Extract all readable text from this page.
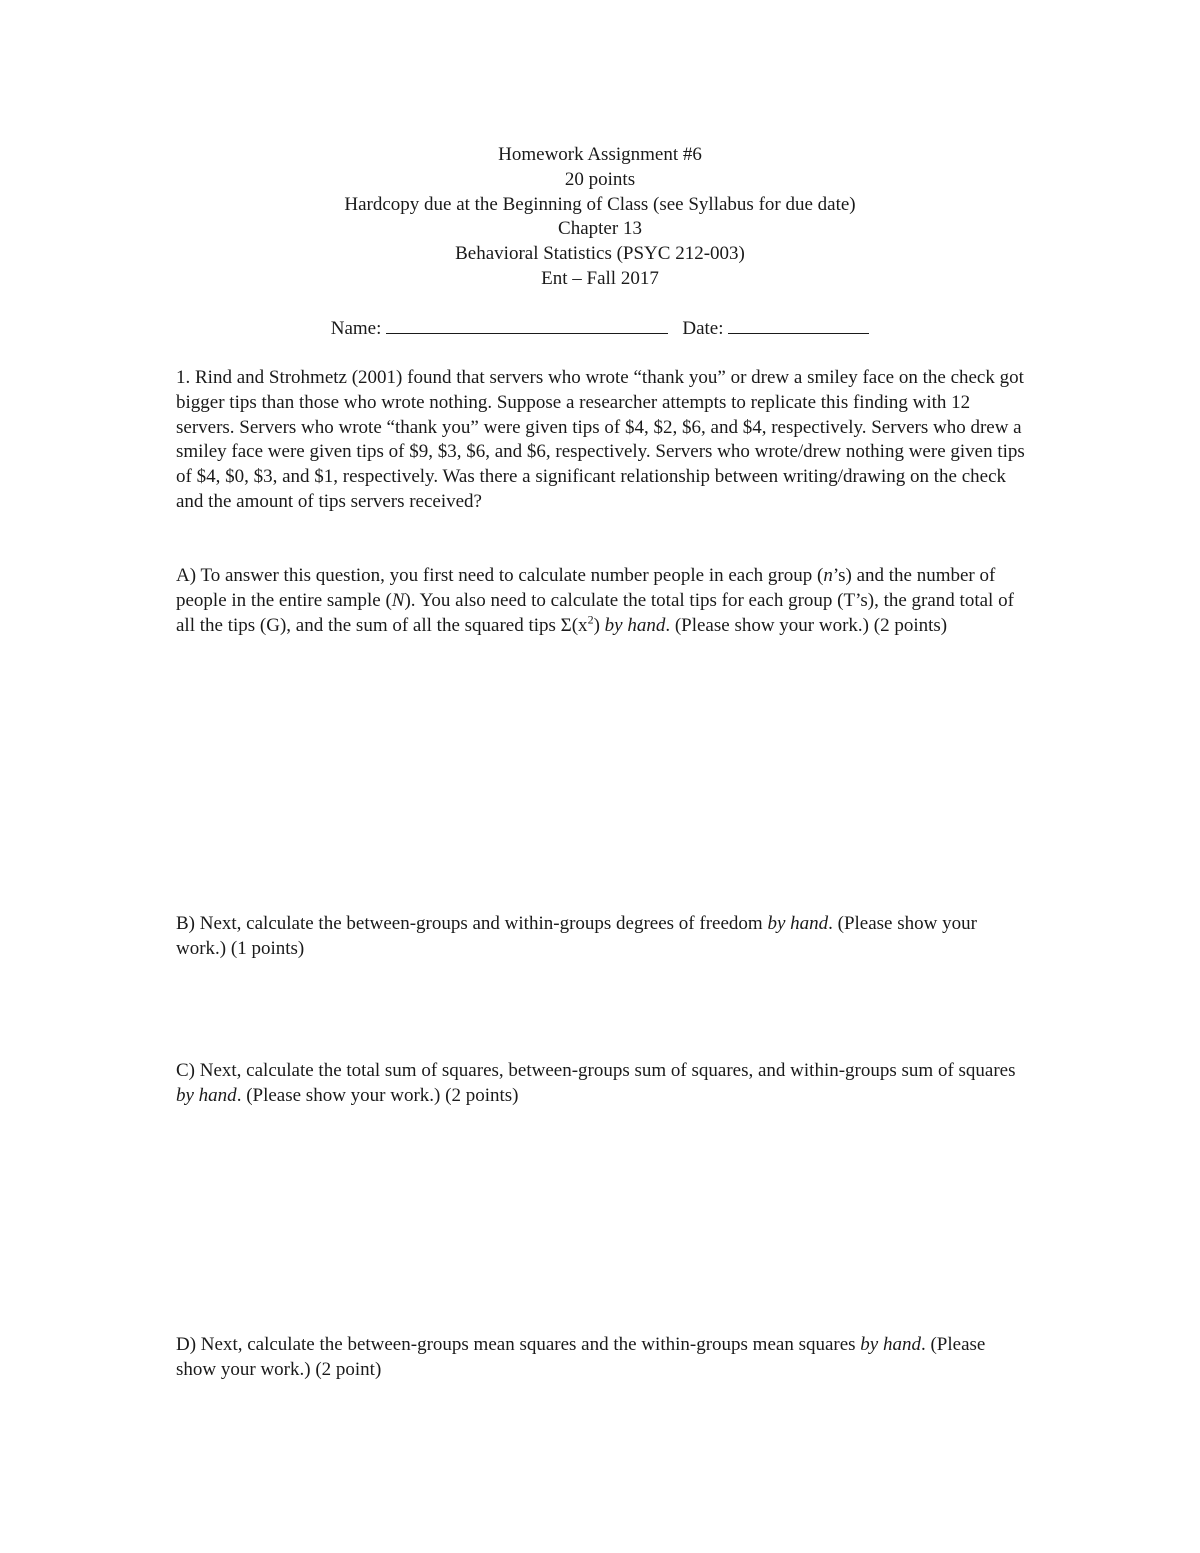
Homework Assignment #6
20 points
Hardcopy due at the Beginning of Class (see Syllabus for due date)
Chapter 13
Behavioral Statistics (PSYC 212-003)
Ent – Fall 2017
Name:	Date:
1. Rind and Strohmetz (2001) found that servers who wrote “thank you” or drew a smiley face on the check got bigger tips than those who wrote nothing. Suppose a researcher attempts to replicate this finding with 12 servers. Servers who wrote “thank you” were given tips of $4, $2, $6, and $4, respectively. Servers who drew a smiley face were given tips of $9, $3, $6, and $6, respectively. Servers who wrote/drew nothing were given tips of $4, $0, $3, and $1, respectively. Was there a significant relationship between writing/drawing on the check and the amount of tips servers received?
A) To answer this question, you first need to calculate number people in each group (n’s) and the number of people in the entire sample (N). You also need to calculate the total tips for each group (T’s), the grand total of all the tips (G), and the sum of all the squared tips $\Sigma(x^2)$ by hand. (Please show your work.) (2 points)
B) Next, calculate the between-groups and within-groups degrees of freedom by hand. (Please show your work.) (1 points)
C) Next, calculate the total sum of squares, between-groups sum of squares, and within-groups sum of squares by hand. (Please show your work.) (2 points)
D) Next, calculate the between-groups mean squares and the within-groups mean squares by hand. (Please show your work.) (2 point)
